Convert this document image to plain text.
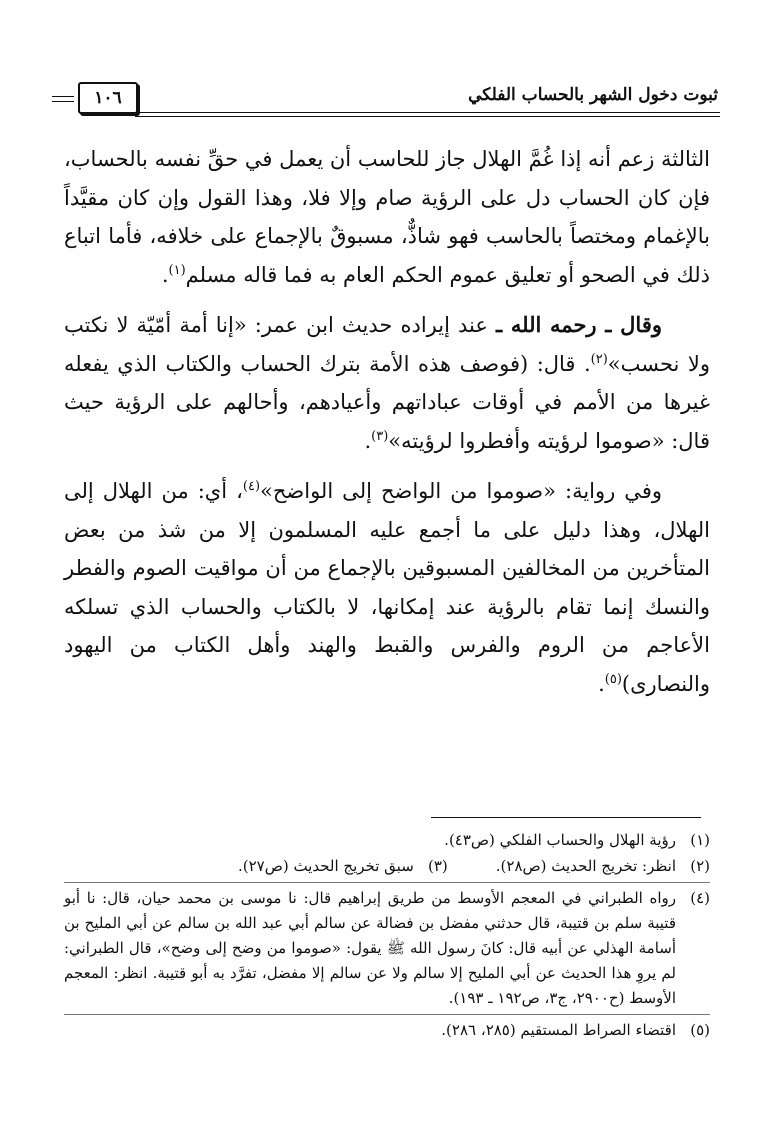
ثبوت دخول الشهر بالحساب الفلكي
١٠٦

الثالثة زعم أنه إذا غُمَّ الهلال جاز للحاسب أن يعمل في حقِّ نفسه بالحساب، فإن كان الحساب دل على الرؤية صام وإلا فلا، وهذا القول وإن كان مقيَّداً بالإغمام ومختصاً بالحاسب فهو شاذٌّ، مسبوقٌ بالإجماع على خلافه، فأما اتباع ذلك في الصحو أو تعليق عموم الحكم العام به فما قاله مسلم$^{(١)}$.

وقال ـ رحمه الله ـ عند إيراده حديث ابن عمر: «إنا أمة أمّيّة لا نكتب ولا نحسب»$^{(٢)}$. قال: (فوصف هذه الأمة بترك الحساب والكتاب الذي يفعله غيرها من الأمم في أوقات عباداتهم وأعيادهم، وأحالهم على الرؤية حيث قال: «صوموا لرؤيته وأفطروا لرؤيته»$^{(٣)}$.

وفي رواية: «صوموا من الواضح إلى الواضح»$^{(٤)}$، أي: من الهلال إلى الهلال، وهذا دليل على ما أجمع عليه المسلمون إلا من شذ من بعض المتأخرين من المخالفين المسبوقين بالإجماع من أن مواقيت الصوم والفطر والنسك إنما تقام بالرؤية عند إمكانها، لا بالكتاب والحساب الذي تسلكه الأعاجم من الروم والفرس والقبط والهند وأهل الكتاب من اليهود والنصارى)$^{(٥)}$.

(١)
رؤية الهلال والحساب الفلكي (ص٤٣).
(٢)
انظر: تخريج الحديث (ص٢٨).
(٣)
سبق تخريج الحديث (ص٢٧).
(٤)
رواه الطبراني في المعجم الأوسط من طريق إبراهيم قال: نا موسى بن محمد حيان، قال: نا أبو قتيبة سلم بن قتيبة، قال حدثني مفضل بن فضالة عن سالم أبي عبد الله بن سالم عن أبي المليح بن أسامة الهذلي عن أبيه قال: كانَ رسول الله ﷺ يقول: «صوموا من وضح إلى وضح»، قال الطبراني: لم يروِ هذا الحديث عن أبي المليح إلا سالم ولا عن سالم إلا مفضل، تفرَّد به أبو قتيبة. انظر: المعجم الأوسط (ح٢٩٠٠، ج٣، ص١٩٢ ـ ١٩٣).
(٥)
اقتضاء الصراط المستقيم (٢٨٥، ٢٨٦).
